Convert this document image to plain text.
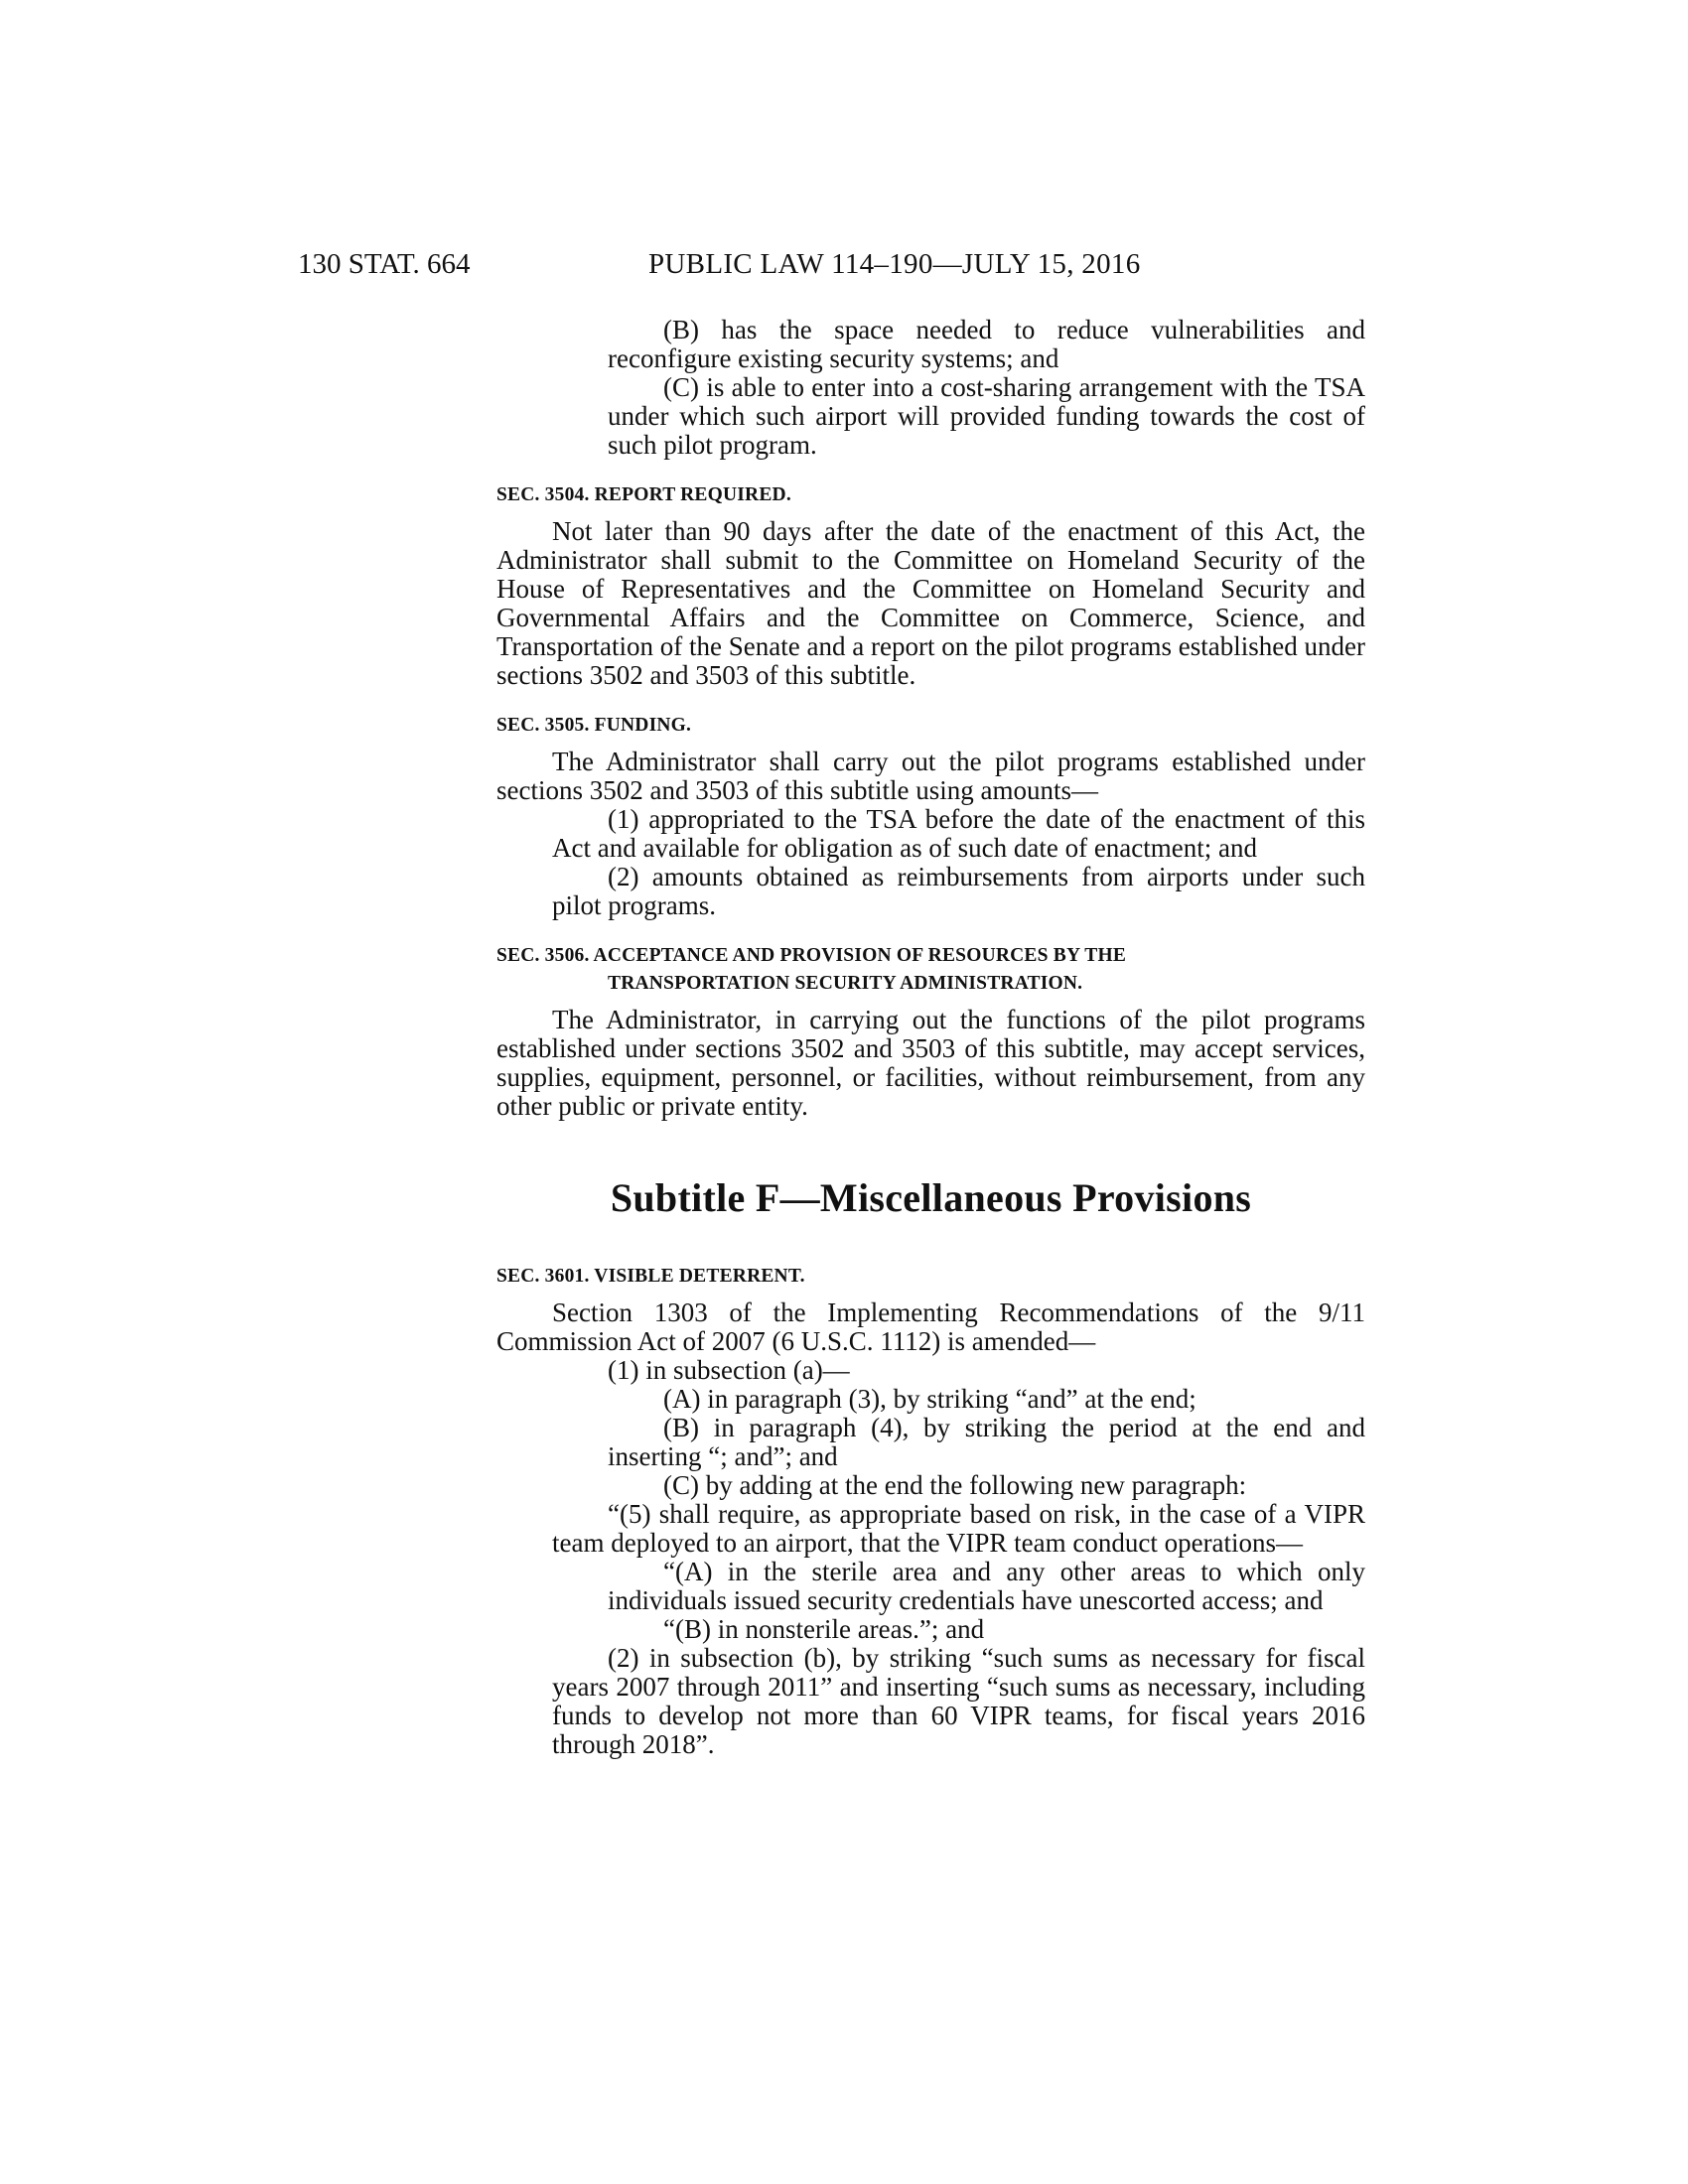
130 STAT. 664	PUBLIC LAW 114–190—JULY 15, 2016

(B) has the space needed to reduce vulnerabilities and reconfigure existing security systems; and

(C) is able to enter into a cost-sharing arrangement with the TSA under which such airport will provided funding towards the cost of such pilot program.

SEC. 3504. REPORT REQUIRED.

Not later than 90 days after the date of the enactment of this Act, the Administrator shall submit to the Committee on Homeland Security of the House of Representatives and the Committee on Homeland Security and Governmental Affairs and the Committee on Commerce, Science, and Transportation of the Senate and a report on the pilot programs established under sections 3502 and 3503 of this subtitle.

SEC. 3505. FUNDING.

The Administrator shall carry out the pilot programs established under sections 3502 and 3503 of this subtitle using amounts—

(1) appropriated to the TSA before the date of the enactment of this Act and available for obligation as of such date of enactment; and

(2) amounts obtained as reimbursements from airports under such pilot programs.

SEC. 3506. ACCEPTANCE AND PROVISION OF RESOURCES BY THE
TRANSPORTATION SECURITY ADMINISTRATION.

The Administrator, in carrying out the functions of the pilot programs established under sections 3502 and 3503 of this subtitle, may accept services, supplies, equipment, personnel, or facilities, without reimbursement, from any other public or private entity.

Subtitle F—Miscellaneous Provisions
SEC. 3601. VISIBLE DETERRENT.

Section 1303 of the Implementing Recommendations of the 9/11 Commission Act of 2007 (6 U.S.C. 1112) is amended—

(1) in subsection (a)—

(A) in paragraph (3), by striking “and” at the end;

(B) in paragraph (4), by striking the period at the end and inserting “; and”; and

(C) by adding at the end the following new paragraph:

“(5) shall require, as appropriate based on risk, in the case of a VIPR team deployed to an airport, that the VIPR team conduct operations—

“(A) in the sterile area and any other areas to which only individuals issued security credentials have unescorted access; and

“(B) in nonsterile areas.”; and

(2) in subsection (b), by striking “such sums as necessary for fiscal years 2007 through 2011” and inserting “such sums as necessary, including funds to develop not more than 60 VIPR teams, for fiscal years 2016 through 2018”.
